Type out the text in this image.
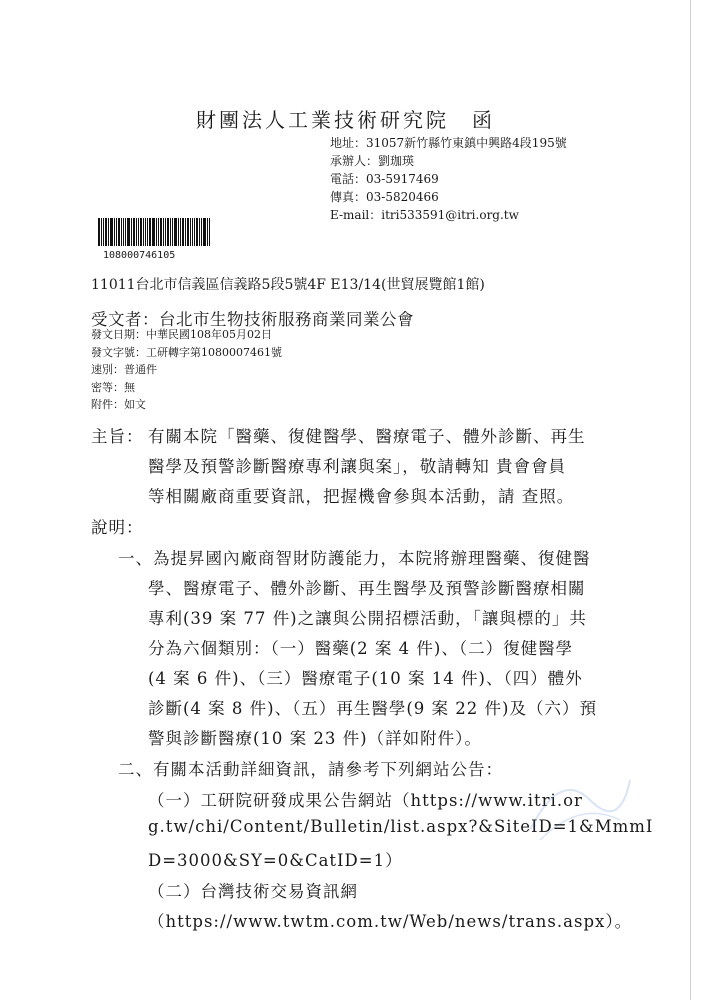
財團法人工業技術研究院　函
地址：31057新竹縣竹東鎮中興路4段195號
承辦人：劉珈瑛
電話：03-5917469
傳真：03-5820466
E-mail：itri533591@itri.org.tw
108000746105
11011台北市信義區信義路5段5號4F E13/14(世貿展覽館1館)
受文者：台北市生物技術服務商業同業公會
發文日期：中華民國108年05月02日
發文字號：工研轉字第1080007461號
速別：普通件
密等：無
附件：如文
主旨： 有關本院「醫藥、復健醫學、醫療電子、體外診斷、再生
醫學及預警診斷醫療專利讓與案」，敬請轉知 貴會會員
等相關廠商重要資訊，把握機會參與本活動，請 查照。
說明：
一、為提昇國內廠商智財防護能力，本院將辦理醫藥、復健醫
學、醫療電子、體外診斷、再生醫學及預警診斷醫療相關
專利(39 案 77 件)之讓與公開招標活動，「讓與標的」共
分為六個類別：（一）醫藥(2 案 4 件)、（二）復健醫學
(4 案 6 件)、（三）醫療電子(10 案 14 件)、（四）體外
診斷(4 案 8 件)、（五）再生醫學(9 案 22 件)及（六）預
警與診斷醫療(10 案 23 件)（詳如附件）。
二、有關本活動詳細資訊，請參考下列網站公告：
（一）工研院研發成果公告網站（https://www.itri.or
g.tw/chi/Content/Bulletin/list.aspx?&SiteID=1&MmmI
D=3000&SY=0&CatID=1）
（二）台灣技術交易資訊網
（https://www.twtm.com.tw/Web/news/trans.aspx）。
